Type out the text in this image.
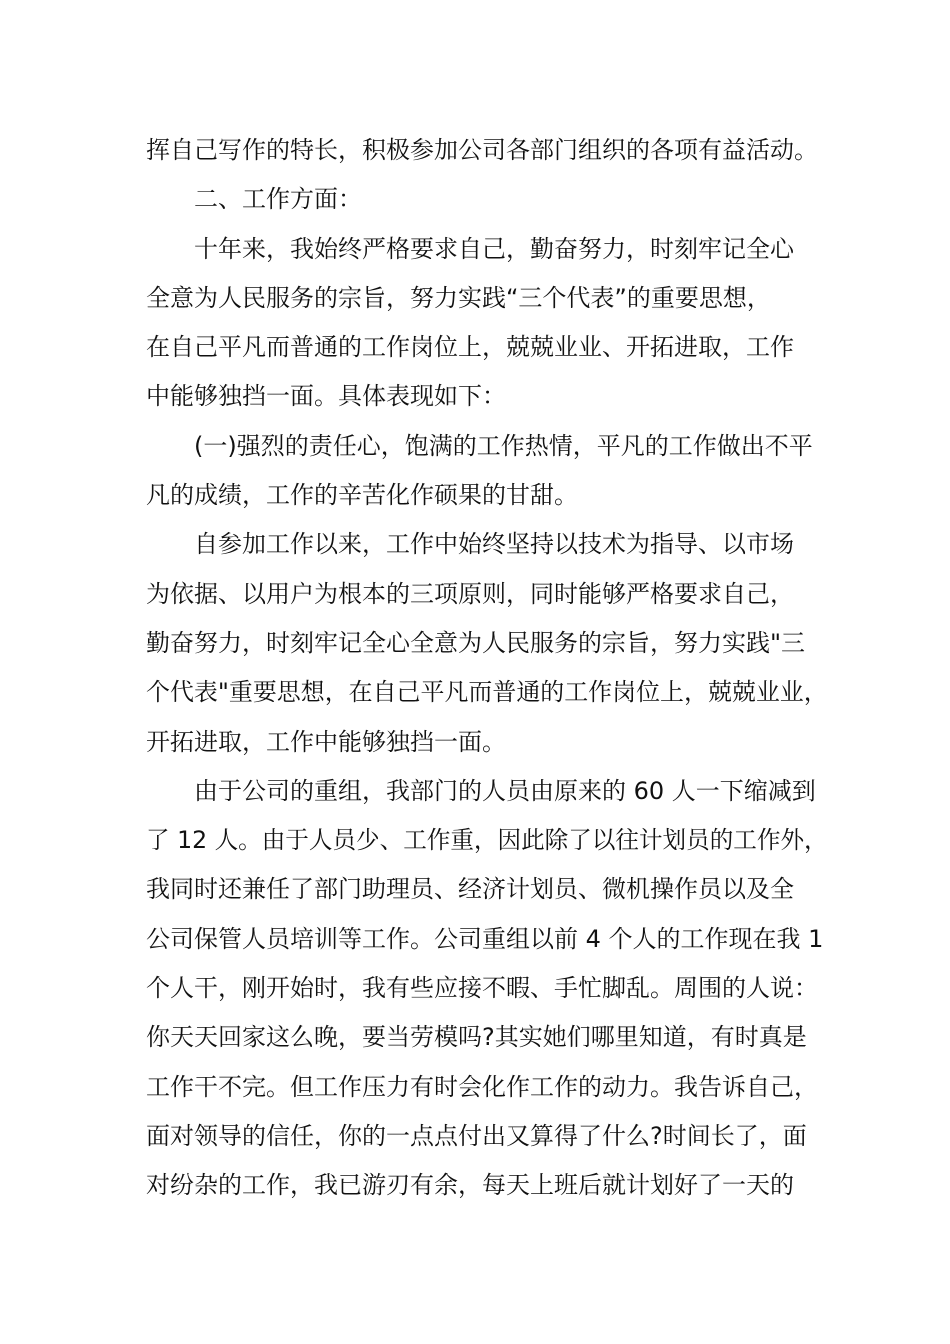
挥自己写作的特长，积极参加公司各部门组织的各项有益活动。
二、工作方面：
十年来，我始终严格要求自己，勤奋努力，时刻牢记全心
全意为人民服务的宗旨，努力实践“三个代表”的重要思想，
在自己平凡而普通的工作岗位上，兢兢业业、开拓进取，工作
中能够独挡一面。具体表现如下：
(一)强烈的责任心，饱满的工作热情，平凡的工作做出不平
凡的成绩，工作的辛苦化作硕果的甘甜。
自参加工作以来，工作中始终坚持以技术为指导、以市场
为依据、以用户为根本的三项原则，同时能够严格要求自己，
勤奋努力，时刻牢记全心全意为人民服务的宗旨，努力实践"三
个代表"重要思想，在自己平凡而普通的工作岗位上，兢兢业业，
开拓进取，工作中能够独挡一面。
由于公司的重组，我部门的人员由原来的 60 人一下缩减到
了 12 人。由于人员少、工作重，因此除了以往计划员的工作外，
我同时还兼任了部门助理员、经济计划员、微机操作员以及全
公司保管人员培训等工作。公司重组以前 4 个人的工作现在我 1
个人干，刚开始时，我有些应接不暇、手忙脚乱。周围的人说：
你天天回家这么晚，要当劳模吗?其实她们哪里知道，有时真是
工作干不完。但工作压力有时会化作工作的动力。我告诉自己，
面对领导的信任，你的一点点付出又算得了什么?时间长了，面
对纷杂的工作，我已游刃有余，每天上班后就计划好了一天的
